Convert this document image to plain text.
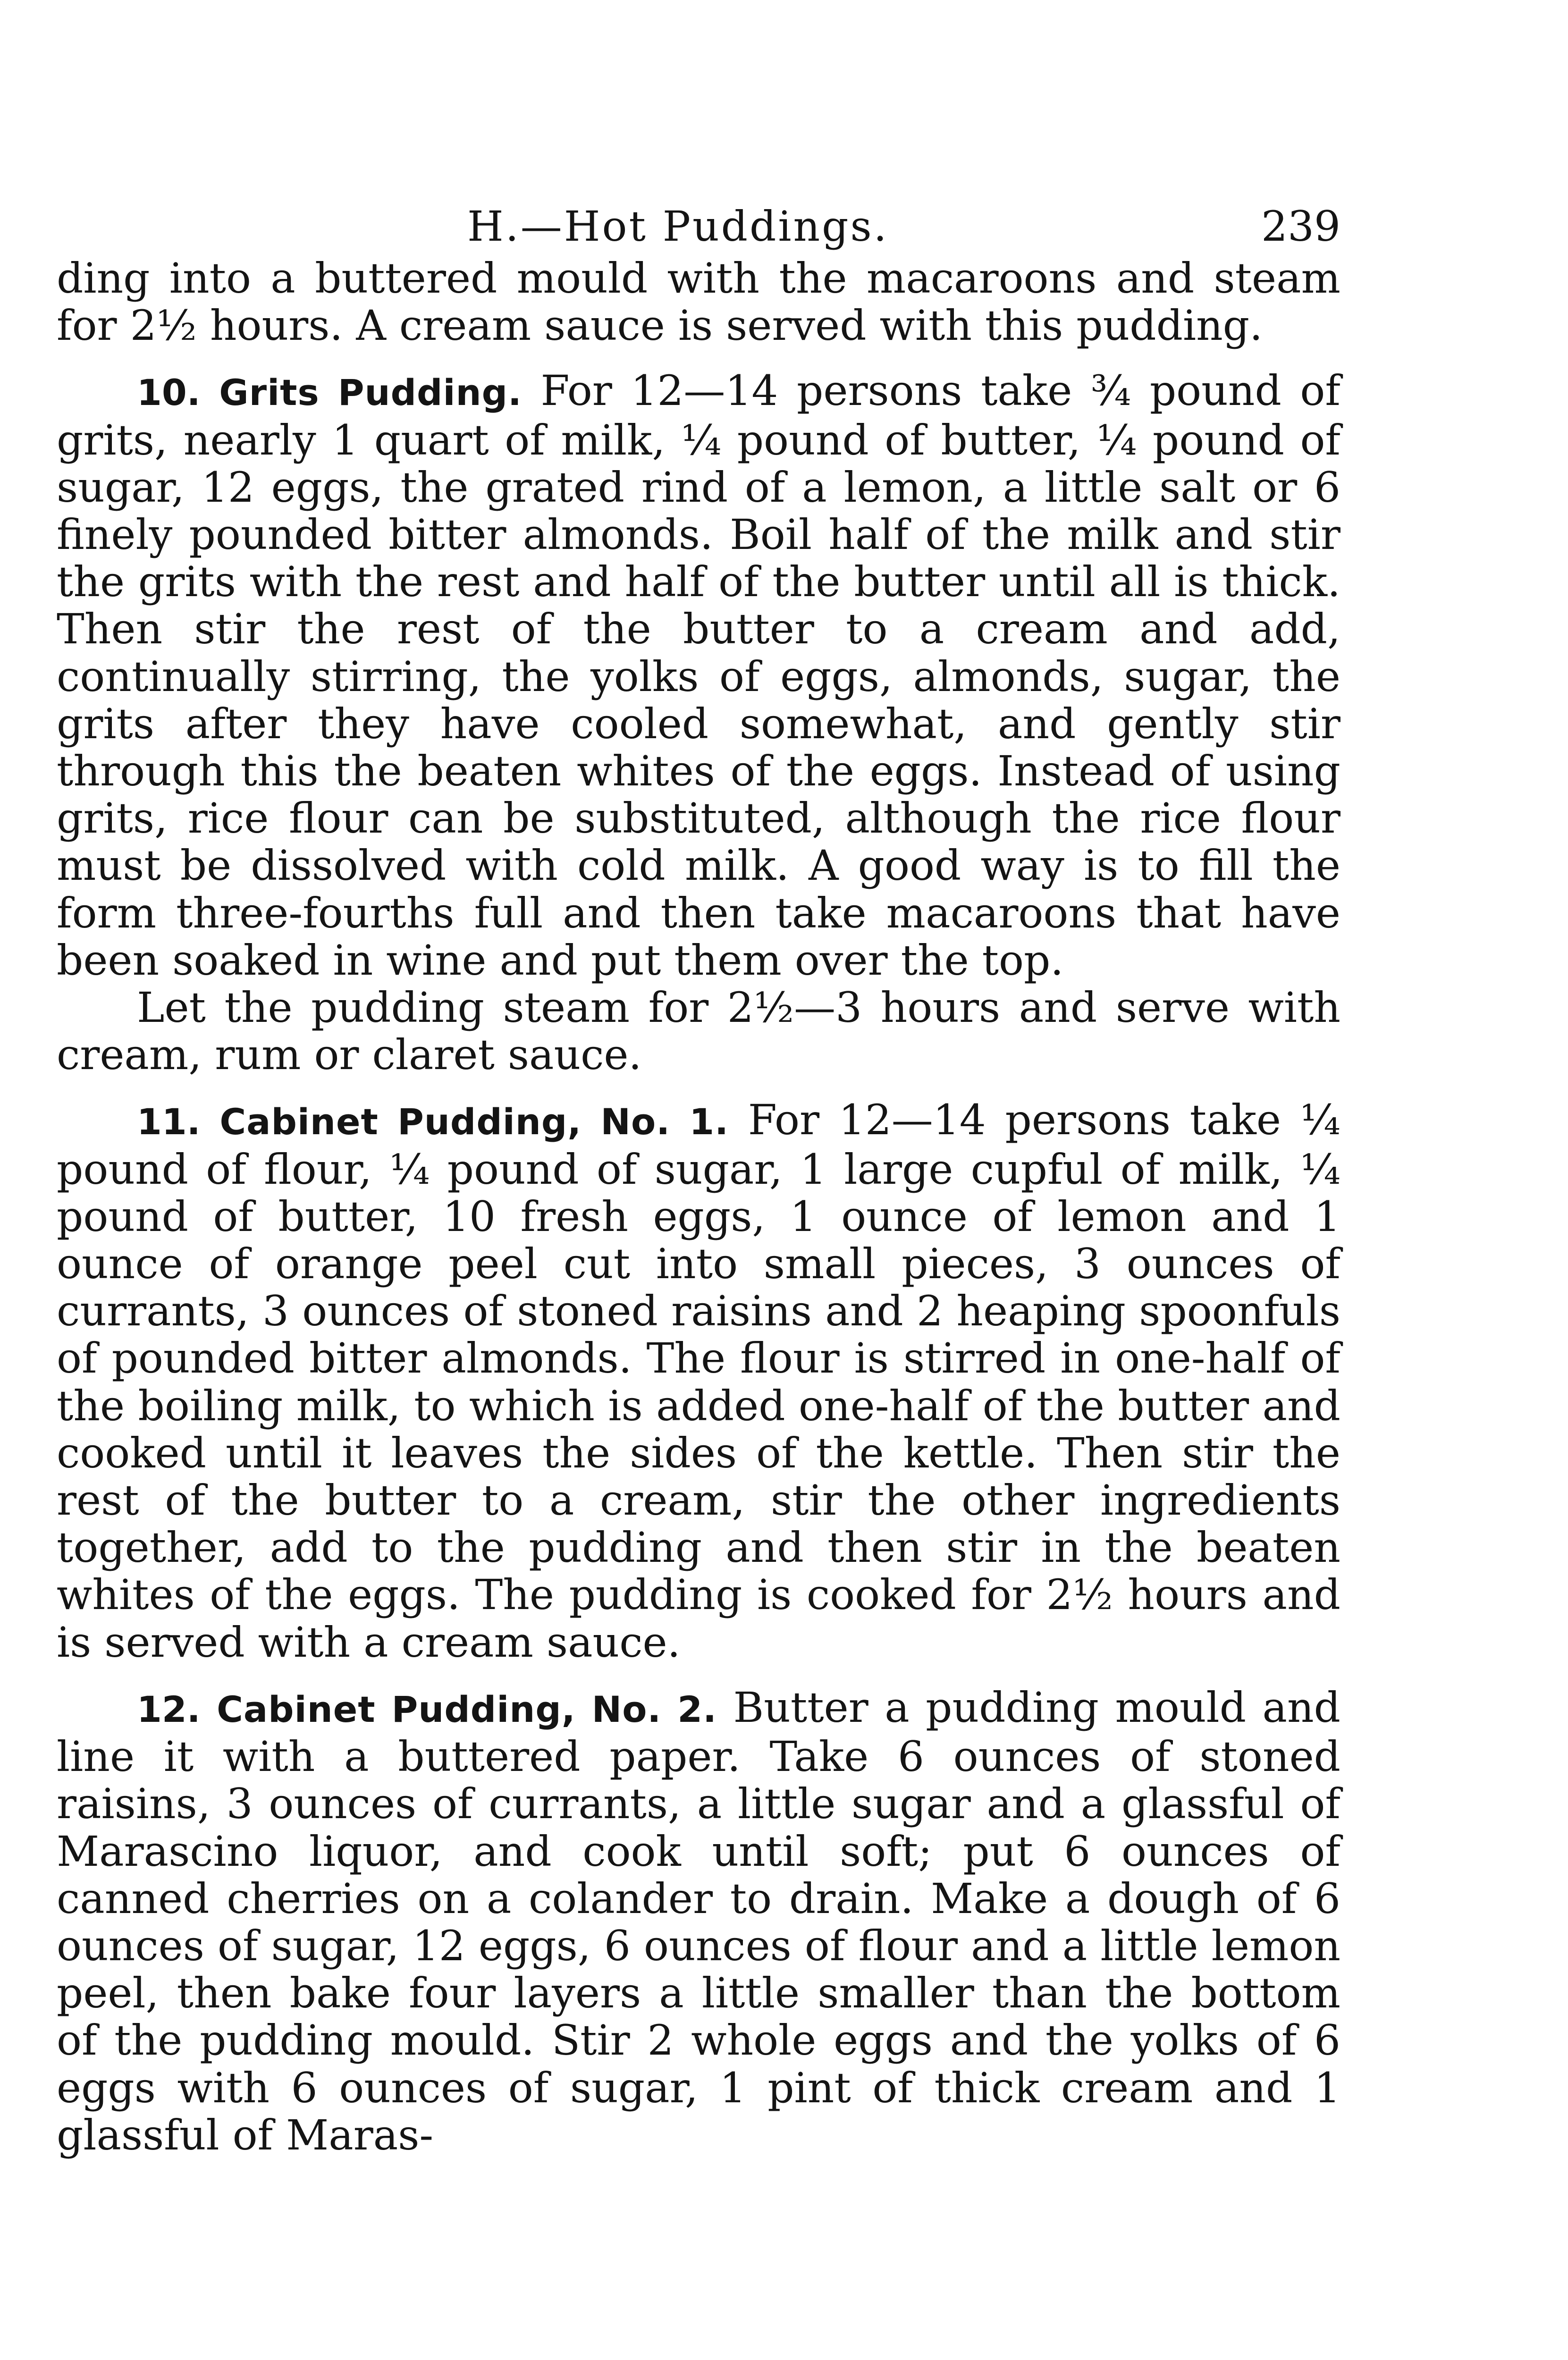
H.—Hot Puddings.	239

ding into a buttered mould with the macaroons and steam for 2½ hours. A cream sauce is served with this pudding.

10. Grits Pudding. For 12—14 persons take ¾ pound of grits, nearly 1 quart of milk, ¼ pound of butter, ¼ pound of sugar, 12 eggs, the grated rind of a lemon, a little salt or 6 finely pounded bitter almonds. Boil half of the milk and stir the grits with the rest and half of the butter until all is thick. Then stir the rest of the butter to a cream and add, continually stirring, the yolks of eggs, almonds, sugar, the grits after they have cooled somewhat, and gently stir through this the beaten whites of the eggs. Instead of using grits, rice flour can be substituted, although the rice flour must be dissolved with cold milk. A good way is to fill the form three-fourths full and then take macaroons that have been soaked in wine and put them over the top.

Let the pudding steam for 2½—3 hours and serve with cream, rum or claret sauce.

11. Cabinet Pudding, No. 1. For 12—14 persons take ¼ pound of flour, ¼ pound of sugar, 1 large cupful of milk, ¼ pound of butter, 10 fresh eggs, 1 ounce of lemon and 1 ounce of orange peel cut into small pieces, 3 ounces of currants, 3 ounces of stoned raisins and 2 heaping spoonfuls of pounded bitter almonds. The flour is stirred in one-half of the boiling milk, to which is added one-half of the butter and cooked until it leaves the sides of the kettle. Then stir the rest of the butter to a cream, stir the other ingredients together, add to the pudding and then stir in the beaten whites of the eggs. The pudding is cooked for 2½ hours and is served with a cream sauce.

12. Cabinet Pudding, No. 2. Butter a pudding mould and line it with a buttered paper. Take 6 ounces of stoned raisins, 3 ounces of currants, a little sugar and a glassful of Marascino liquor, and cook until soft; put 6 ounces of canned cherries on a colander to drain. Make a dough of 6 ounces of sugar, 12 eggs, 6 ounces of flour and a little lemon peel, then bake four layers a little smaller than the bottom of the pudding mould. Stir 2 whole eggs and the yolks of 6 eggs with 6 ounces of sugar, 1 pint of thick cream and 1 glassful of Maras-
